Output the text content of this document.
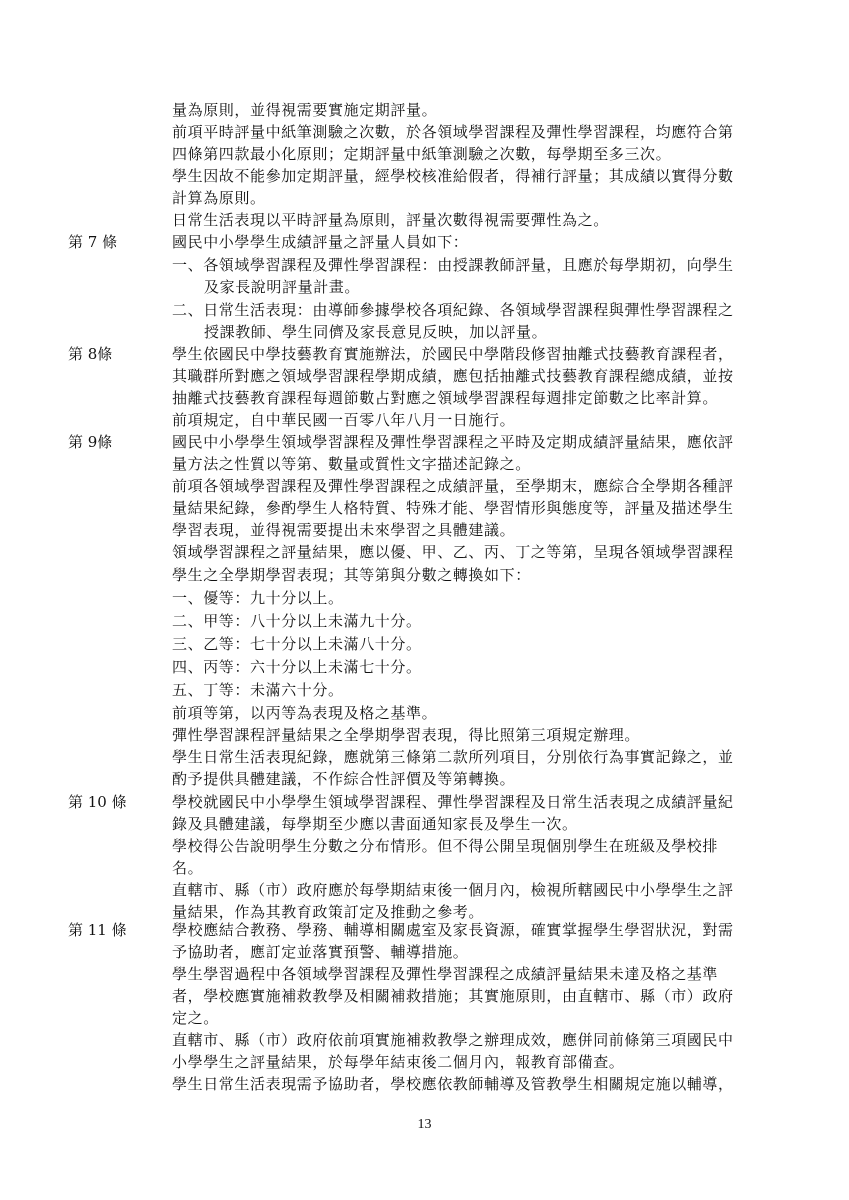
第 7 條
第 8條
第 9條
第 10 條
第 11 條
量為原則，並得視需要實施定期評量。
前項平時評量中紙筆測驗之次數，於各領域學習課程及彈性學習課程，均應符合第
四條第四款最小化原則；定期評量中紙筆測驗之次數，每學期至多三次。
學生因故不能參加定期評量，經學校核准給假者，得補行評量；其成績以實得分數
計算為原則。
日常生活表現以平時評量為原則，評量次數得視需要彈性為之。
國民中小學學生成績評量之評量人員如下：
一、各領域學習課程及彈性學習課程：由授課教師評量，且應於每學期初，向學生
及家長說明評量計畫。
二、日常生活表現：由導師參據學校各項紀錄、各領域學習課程與彈性學習課程之
授課教師、學生同儕及家長意見反映，加以評量。
學生依國民中學技藝教育實施辦法，於國民中學階段修習抽離式技藝教育課程者，
其職群所對應之領域學習課程學期成績，應包括抽離式技藝教育課程總成績，並按
抽離式技藝教育課程每週節數占對應之領域學習課程每週排定節數之比率計算。
前項規定，自中華民國一百零八年八月一日施行。
國民中小學學生領域學習課程及彈性學習課程之平時及定期成績評量結果，應依評
量方法之性質以等第、數量或質性文字描述記錄之。
前項各領域學習課程及彈性學習課程之成績評量，至學期末，應綜合全學期各種評
量結果紀錄，參酌學生人格特質、特殊才能、學習情形與態度等，評量及描述學生
學習表現，並得視需要提出未來學習之具體建議。
領域學習課程之評量結果，應以優、甲、乙、丙、丁之等第，呈現各領域學習課程
學生之全學期學習表現；其等第與分數之轉換如下：
一、優等：九十分以上。
二、甲等：八十分以上未滿九十分。
三、乙等：七十分以上未滿八十分。
四、丙等：六十分以上未滿七十分。
五、丁等：未滿六十分。
前項等第，以丙等為表現及格之基準。
彈性學習課程評量結果之全學期學習表現，得比照第三項規定辦理。
學生日常生活表現紀錄，應就第三條第二款所列項目，分別依行為事實記錄之，並
酌予提供具體建議，不作綜合性評價及等第轉換。
學校就國民中小學學生領域學習課程、彈性學習課程及日常生活表現之成績評量紀
錄及具體建議，每學期至少應以書面通知家長及學生一次。
學校得公告說明學生分數之分布情形。但不得公開呈現個別學生在班級及學校排
名。
直轄市、縣（市）政府應於每學期結束後一個月內，檢視所轄國民中小學學生之評
量結果，作為其教育政策訂定及推動之參考。
學校應結合教務、學務、輔導相關處室及家長資源，確實掌握學生學習狀況，對需
予協助者，應訂定並落實預警、輔導措施。
學生學習過程中各領域學習課程及彈性學習課程之成績評量結果未達及格之基準
者，學校應實施補救教學及相關補救措施；其實施原則，由直轄市、縣（市）政府
定之。
直轄市、縣（市）政府依前項實施補救教學之辦理成效，應併同前條第三項國民中
小學學生之評量結果，於每學年結束後二個月內，報教育部備查。
學生日常生活表現需予協助者，學校應依教師輔導及管教學生相關規定施以輔導，
13
